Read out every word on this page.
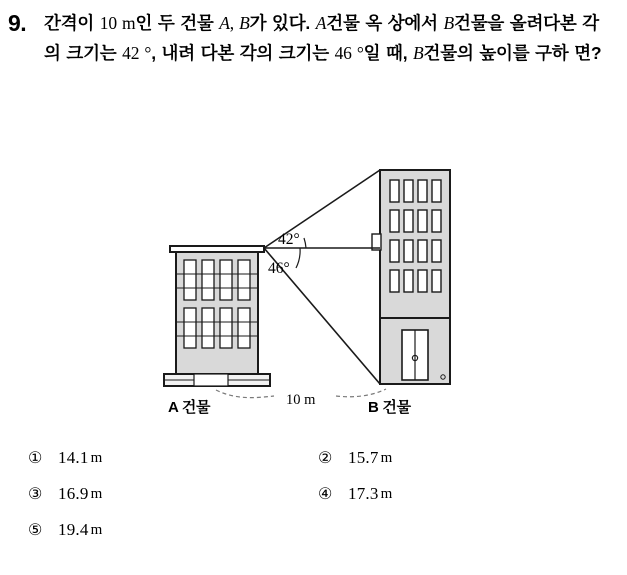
9. 간격이 10 m인 두 건물 A, B가 있다. A건물 옥 상에서 B건물을 올려다본 각의 크기는 42 °, 내려 다본 각의 크기는 46 °일 때, B건물의 높이를 구하 면?
42°
46°
A 건물	B 건물
10 m
① 14.1 m	② 15.7 m
③ 16.9 m	④ 17.3 m
⑤ 19.4 m
